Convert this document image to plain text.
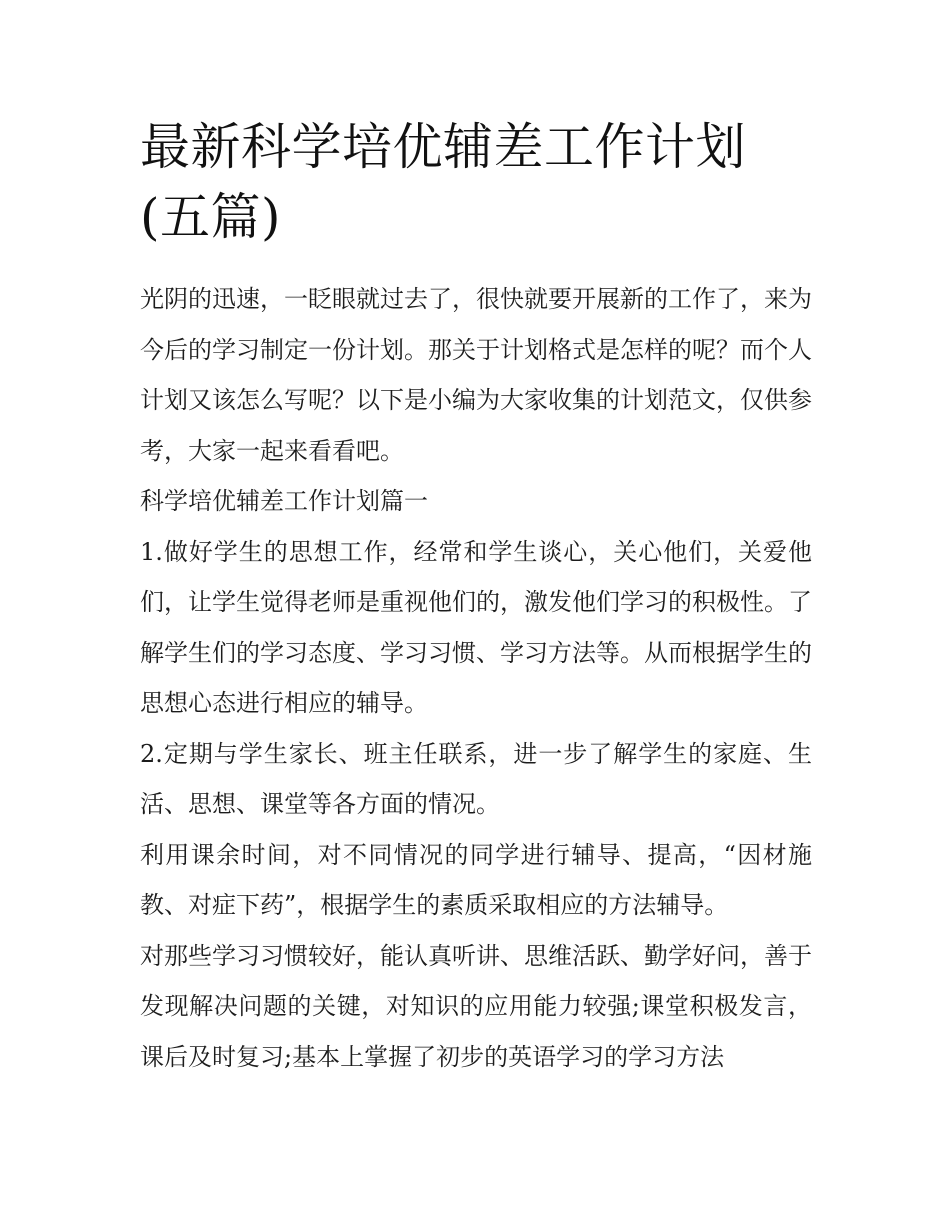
最新科学培优辅差工作计划(五篇)

光阴的迅速，一眨眼就过去了，很快就要开展新的工作了，来为今后的学习制定一份计划。那关于计划格式是怎样的呢？而个人计划又该怎么写呢？以下是小编为大家收集的计划范文，仅供参考，大家一起来看看吧。

科学培优辅差工作计划篇一

1.做好学生的思想工作，经常和学生谈心，关心他们，关爱他们，让学生觉得老师是重视他们的，激发他们学习的积极性。了解学生们的学习态度、学习习惯、学习方法等。从而根据学生的思想心态进行相应的辅导。

2.定期与学生家长、班主任联系，进一步了解学生的家庭、生活、思想、课堂等各方面的情况。

利用课余时间，对不同情况的同学进行辅导、提高，“因材施教、对症下药”，根据学生的素质采取相应的方法辅导。

对那些学习习惯较好，能认真听讲、思维活跃、勤学好问，善于发现解决问题的关键，对知识的应用能力较强;课堂积极发言，课后及时复习;基本上掌握了初步的英语学习的学习方法
